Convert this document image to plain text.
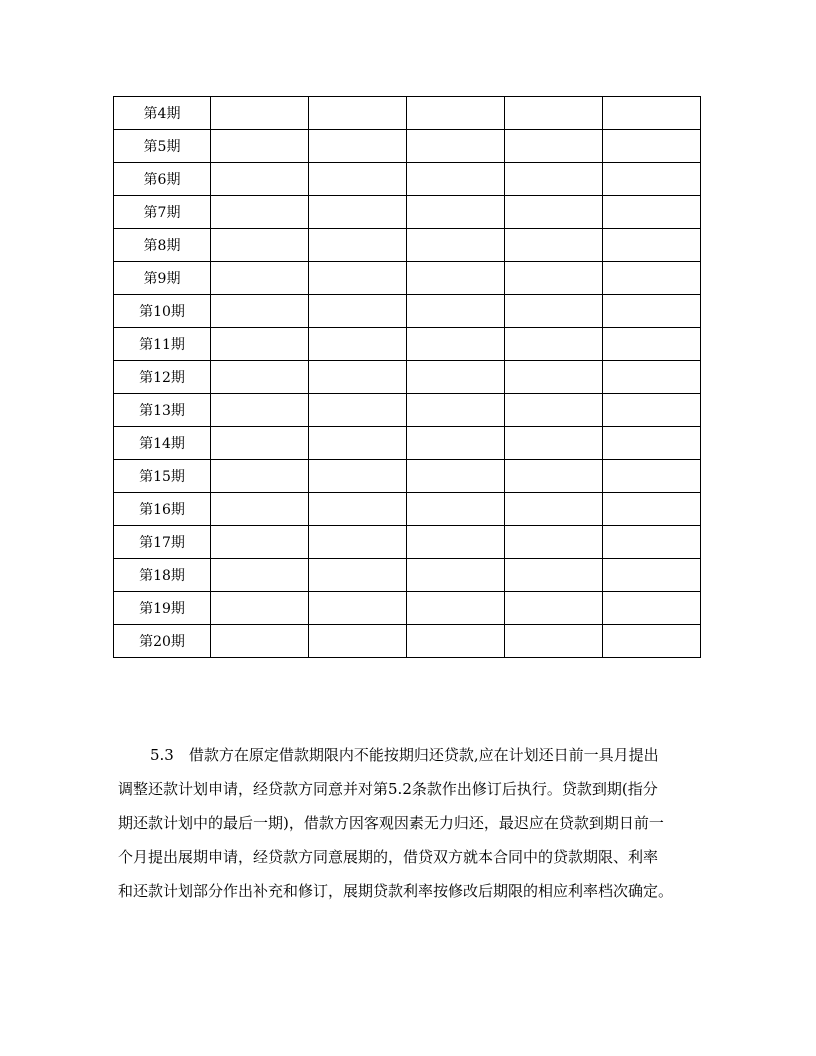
第4期					
第5期					
第6期					
第7期					
第8期					
第9期					
第10期					
第11期					
第12期					
第13期					
第14期					
第15期					
第16期					
第17期					
第18期					
第19期					
第20期					
5.3　借款方在原定借款期限内不能按期归还贷款,应在计划还日前一具月提出
调整还款计划申请，经贷款方同意并对第5.2条款作出修订后执行。贷款到期(指分
期还款计划中的最后一期)，借款方因客观因素无力归还，最迟应在贷款到期日前一
个月提出展期申请，经贷款方同意展期的，借贷双方就本合同中的贷款期限、利率
和还款计划部分作出补充和修订，展期贷款利率按修改后期限的相应利率档次确定。
